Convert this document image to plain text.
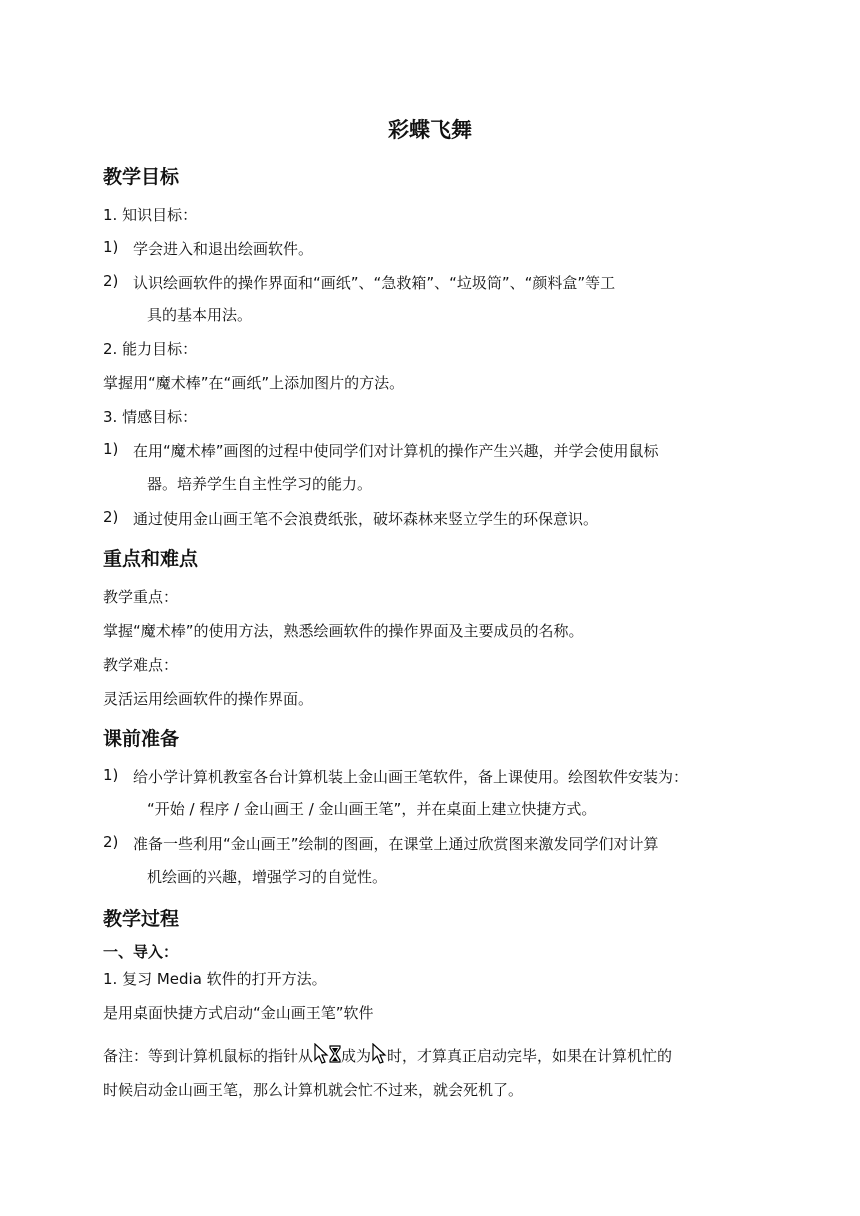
彩蝶飞舞
教学目标
1. 知识目标：
1) 学会进入和退出绘画软件。
2) 认识绘画软件的操作界面和“画纸”、“急救箱”、“垃圾筒”、“颜料盒”等工
具的基本用法。
2. 能力目标：
掌握用“魔术棒”在“画纸”上添加图片的方法。
3. 情感目标：
1) 在用“魔术棒”画图的过程中使同学们对计算机的操作产生兴趣，并学会使用鼠标
器。培养学生自主性学习的能力。
2) 通过使用金山画王笔不会浪费纸张，破坏森林来竖立学生的环保意识。
重点和难点
教学重点：
掌握“魔术棒”的使用方法，熟悉绘画软件的操作界面及主要成员的名称。
教学难点：
灵活运用绘画软件的操作界面。
课前准备
1) 给小学计算机教室各台计算机装上金山画王笔软件，备上课使用。绘图软件安装为：
“开始 / 程序 / 金山画王 / 金山画王笔”，并在桌面上建立快捷方式。
2) 准备一些利用“金山画王”绘制的图画，在课堂上通过欣赏图来激发同学们对计算
机绘画的兴趣，增强学习的自觉性。
教学过程
一、导入：
1. 复习 Media 软件的打开方法。
是用桌面快捷方式启动“金山画王笔”软件
备注：等到计算机鼠标的指针从 成为 时，才算真正启动完毕，如果在计算机忙的
时候启动金山画王笔，那么计算机就会忙不过来，就会死机了。
